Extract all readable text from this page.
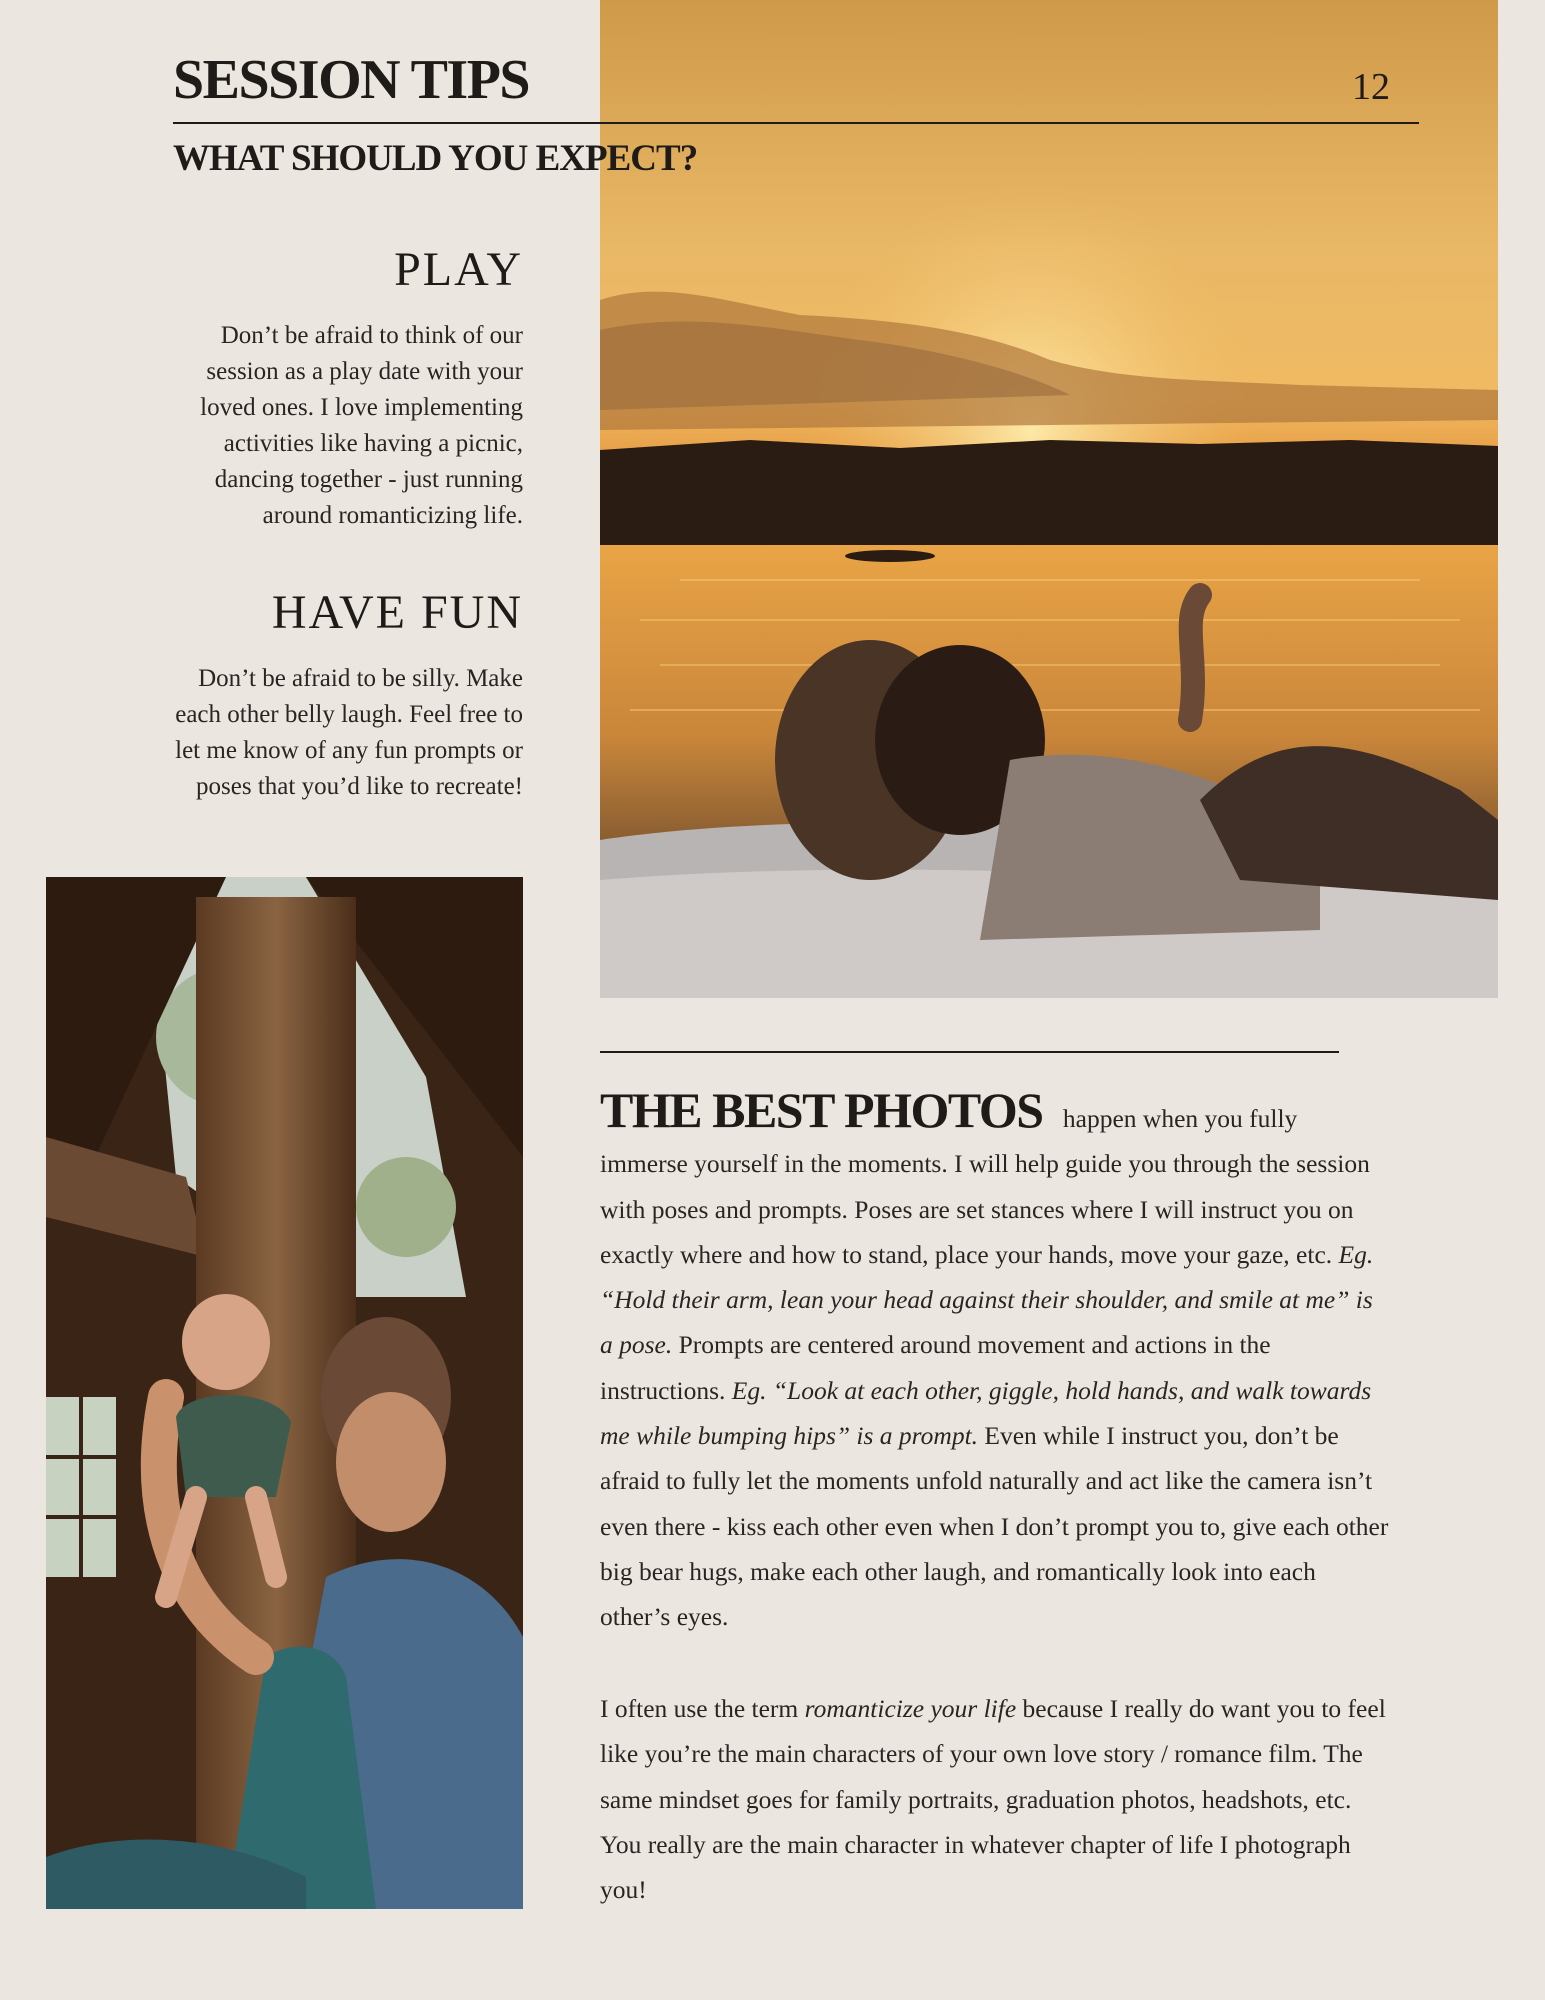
SESSION TIPS	12
WHAT SHOULD YOU EXPECT?
PLAY
Don’t be afraid to think of our session as a play date with your loved ones. I love implementing activities like having a picnic, dancing together - just running around romanticizing life.
HAVE FUN
Don’t be afraid to be silly. Make each other belly laugh. Feel free to let me know of any fun prompts or poses that you’d like to recreate!
THE BEST PHOTOS happen when you fully immerse yourself in the moments. I will help guide you through the session with poses and prompts. Poses are set stances where I will instruct you on exactly where and how to stand, place your hands, move your gaze, etc. Eg. “Hold their arm, lean your head against their shoulder, and smile at me” is a pose. Prompts are centered around movement and actions in the instructions. Eg. “Look at each other, giggle, hold hands, and walk towards me while bumping hips” is a prompt. Even while I instruct you, don’t be afraid to fully let the moments unfold naturally and act like the camera isn’t even there - kiss each other even when I don’t prompt you to, give each other big bear hugs, make each other laugh, and romantically look into each other’s eyes.
I often use the term romanticize your life because I really do want you to feel like you’re the main characters of your own love story / romance film. The same mindset goes for family portraits, graduation photos, headshots, etc. You really are the main character in whatever chapter of life I photograph you!
